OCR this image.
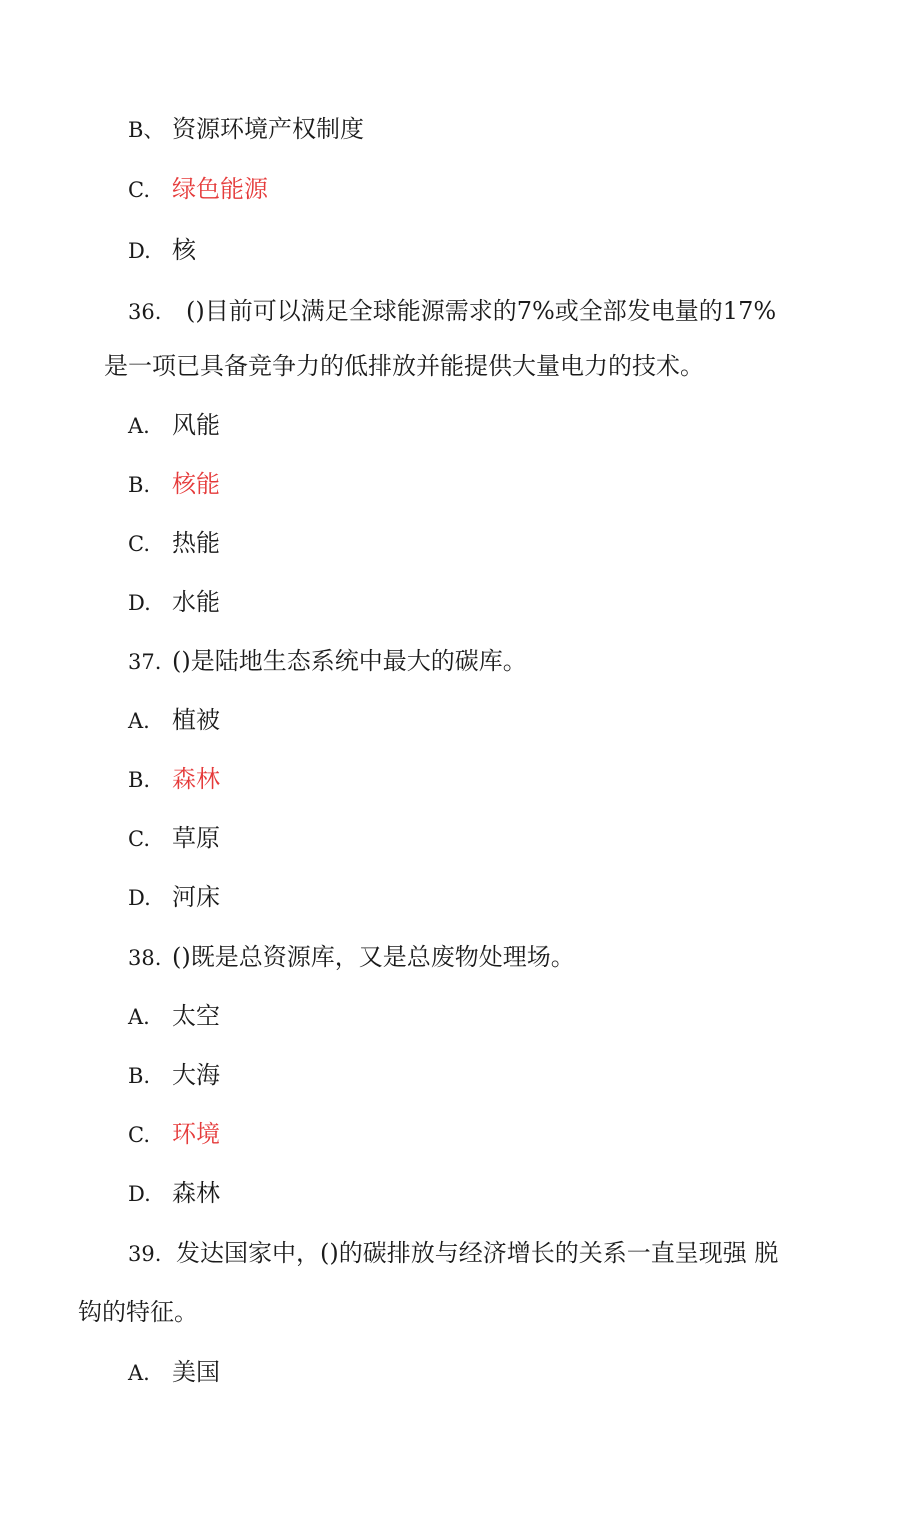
B、 资源环境产权制度
C. 绿色能源
D. 核
36. ()目前可以满足全球能源需求的7%或全部发电量的17%
是一项已具备竞争力的低排放并能提供大量电力的技术。
A. 风能
B. 核能
C. 热能
D. 水能
37. ()是陆地生态系统中最大的碳库。
A. 植被
B. 森林
C. 草原
D. 河床
38. ()既是总资源库，又是总废物处理场。
A. 太空
B. 大海
C. 环境
D. 森林
39. 发达国家中，()的碳排放与经济增长的关系一直呈现强 脱
钩的特征。
A. 美国
